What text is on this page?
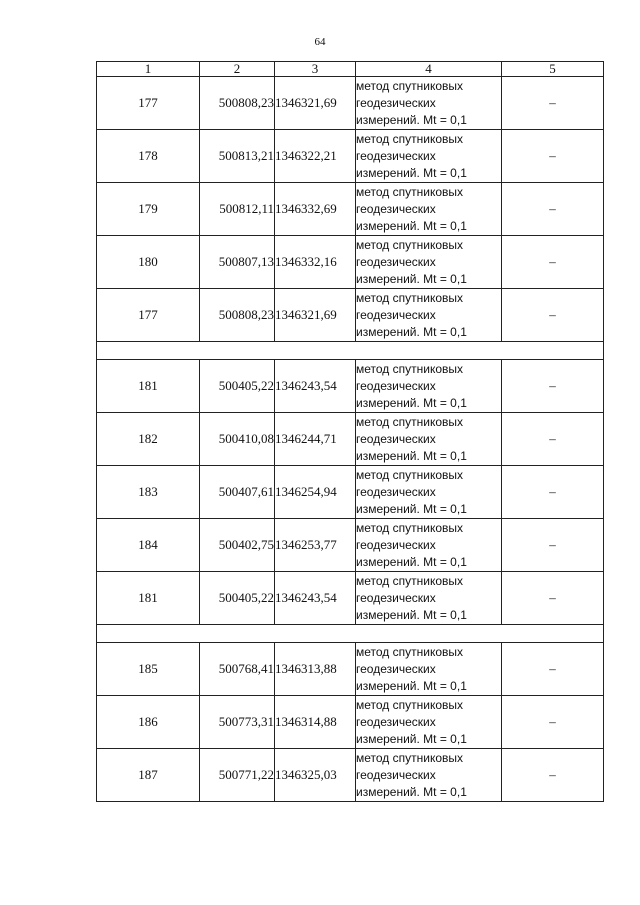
64
1	2	3	4	5
177	500808,23	1346321,69	метод спутниковых
геодезических
измерений. Mt = 0,1	–
178	500813,21	1346322,21	метод спутниковых
геодезических
измерений. Mt = 0,1	–
179	500812,11	1346332,69	метод спутниковых
геодезических
измерений. Mt = 0,1	–
180	500807,13	1346332,16	метод спутниковых
геодезических
измерений. Mt = 0,1	–
177	500808,23	1346321,69	метод спутниковых
геодезических
измерений. Mt = 0,1	–

181	500405,22	1346243,54	метод спутниковых
геодезических
измерений. Mt = 0,1	–
182	500410,08	1346244,71	метод спутниковых
геодезических
измерений. Mt = 0,1	–
183	500407,61	1346254,94	метод спутниковых
геодезических
измерений. Mt = 0,1	–
184	500402,75	1346253,77	метод спутниковых
геодезических
измерений. Mt = 0,1	–
181	500405,22	1346243,54	метод спутниковых
геодезических
измерений. Mt = 0,1	–

185	500768,41	1346313,88	метод спутниковых
геодезических
измерений. Mt = 0,1	–
186	500773,31	1346314,88	метод спутниковых
геодезических
измерений. Mt = 0,1	–
187	500771,22	1346325,03	метод спутниковых
геодезических
измерений. Mt = 0,1	–
